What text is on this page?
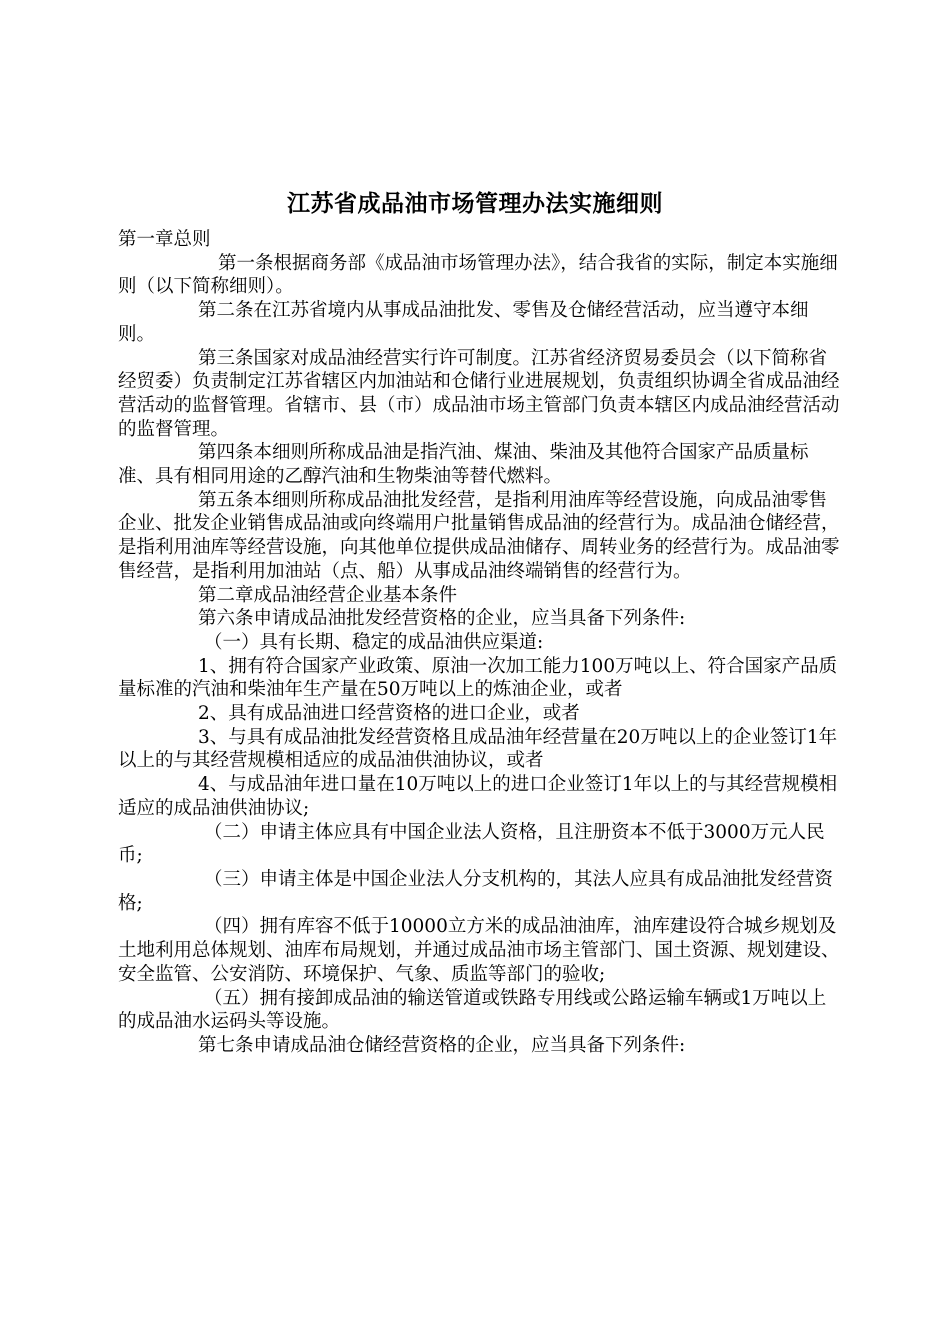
江苏省成品油市场管理办法实施细则

第一章总则

第一条根据商务部《成品油市场管理办法》，结合我省的实际，制定本实施细则（以下简称细则）。

第二条在江苏省境内从事成品油批发、零售及仓储经营活动，应当遵守本细则。

第三条国家对成品油经营实行许可制度。江苏省经济贸易委员会（以下简称省经贸委）负责制定江苏省辖区内加油站和仓储行业进展规划，负责组织协调全省成品油经营活动的监督管理。省辖市、县（市）成品油市场主管部门负责本辖区内成品油经营活动的监督管理。

第四条本细则所称成品油是指汽油、煤油、柴油及其他符合国家产品质量标准、具有相同用途的乙醇汽油和生物柴油等替代燃料。

第五条本细则所称成品油批发经营，是指利用油库等经营设施，向成品油零售企业、批发企业销售成品油或向终端用户批量销售成品油的经营行为。成品油仓储经营，是指利用油库等经营设施，向其他单位提供成品油储存、周转业务的经营行为。成品油零售经营，是指利用加油站（点、船）从事成品油终端销售的经营行为。

第二章成品油经营企业基本条件

第六条申请成品油批发经营资格的企业，应当具备下列条件:

（一）具有长期、稳定的成品油供应渠道:

1、拥有符合国家产业政策、原油一次加工能力100万吨以上、符合国家产品质量标准的汽油和柴油年生产量在50万吨以上的炼油企业，或者

2、具有成品油进口经营资格的进口企业，或者

3、与具有成品油批发经营资格且成品油年经营量在20万吨以上的企业签订1年以上的与其经营规模相适应的成品油供油协议，或者

4、与成品油年进口量在10万吨以上的进口企业签订1年以上的与其经营规模相适应的成品油供油协议;

（二）申请主体应具有中国企业法人资格，且注册资本不低于3000万元人民币;

（三）申请主体是中国企业法人分支机构的，其法人应具有成品油批发经营资格;

（四）拥有库容不低于10000立方米的成品油油库，油库建设符合城乡规划及土地利用总体规划、油库布局规划，并通过成品油市场主管部门、国土资源、规划建设、安全监管、公安消防、环境保护、气象、质监等部门的验收;

（五）拥有接卸成品油的输送管道或铁路专用线或公路运输车辆或1万吨以上的成品油水运码头等设施。

第七条申请成品油仓储经营资格的企业，应当具备下列条件:
